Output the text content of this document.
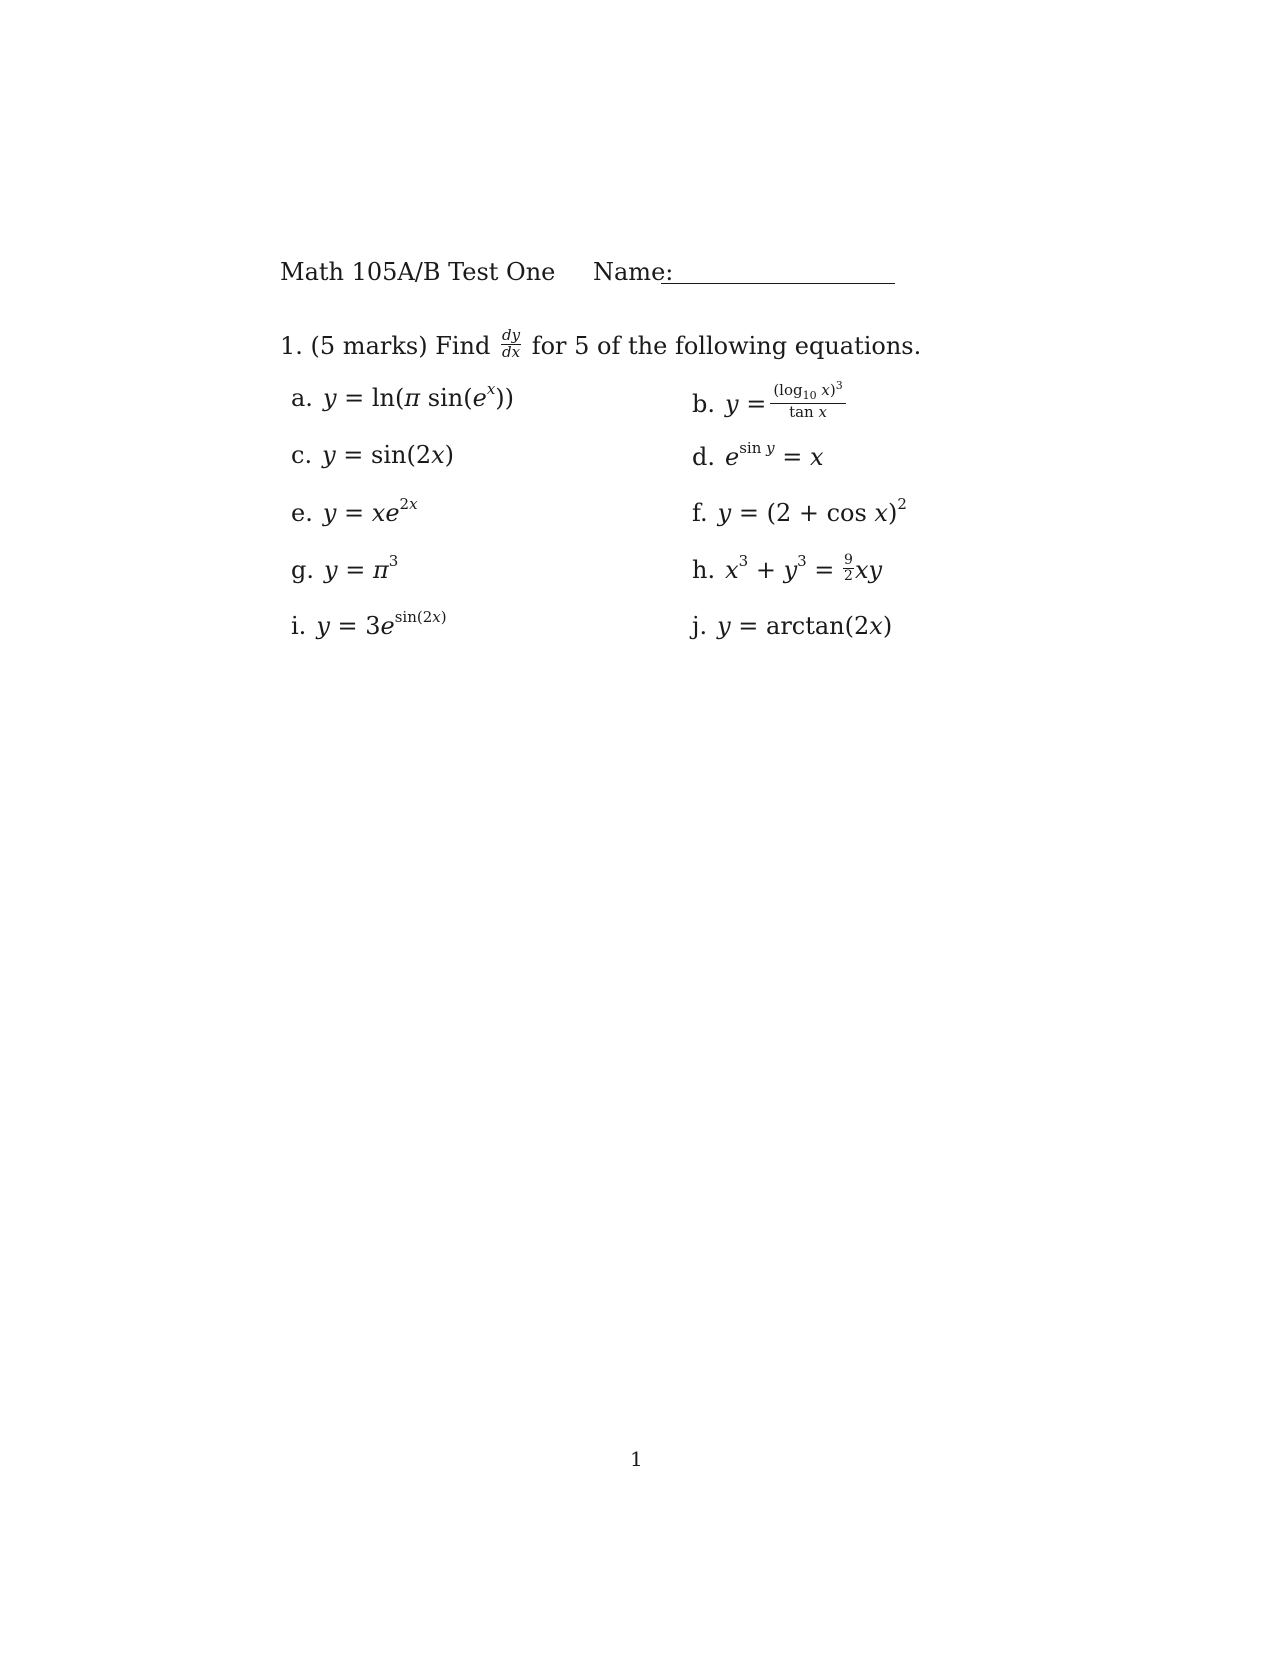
Math 105A/B Test One Name:
1. (5 marks) Find $\frac{dy}{dx}$ for 5 of the following equations.
a. y = ln(π $\sin(e^x)$)	b. $y = \frac{(\log_{10} x)^3}{\text{tan x}}$
c. y = sin(2x)	d. $e^{sin y} = x$
e. $y = xe^{2x}$	f. $y = (2 + \cos x)^2$
g. $y = \pi^3$	h. $x^3 + y^3 = \frac{9}{2}$ xy
i. $y = 3e^{sin(2x)}$	j. y = arctan(2x)
1
